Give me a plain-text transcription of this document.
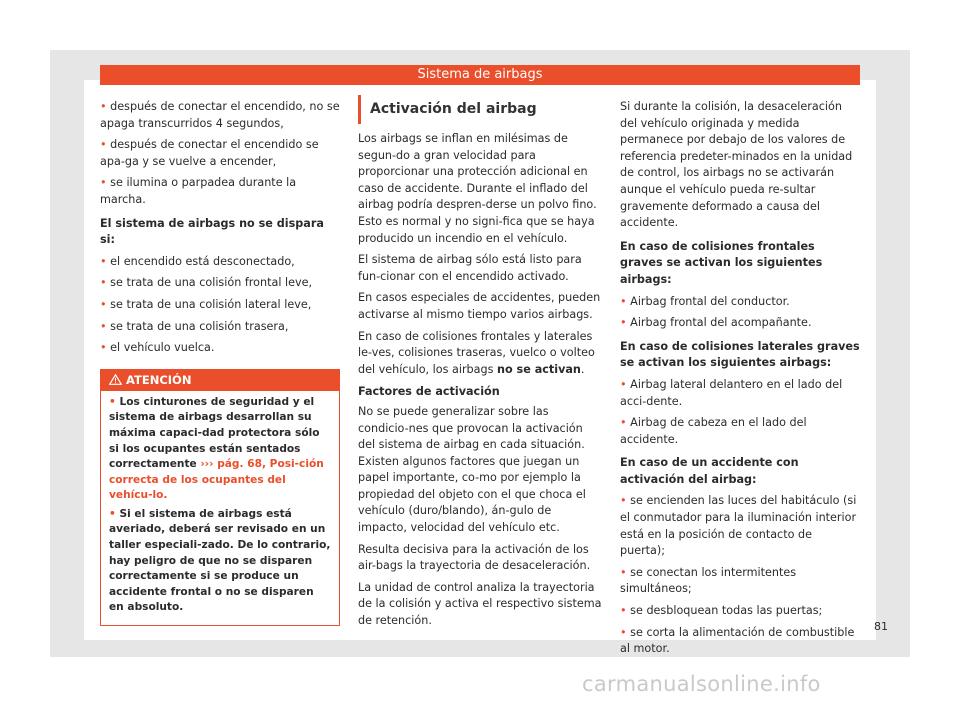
Sistema de airbags

• después de conectar el encendido, no se apaga transcurridos 4 segundos,

• después de conectar el encendido se apa-ga y se vuelve a encender,

• se ilumina o parpadea durante la marcha.

El sistema de airbags no se dispara si:

• el encendido está desconectado,

• se trata de una colisión frontal leve,

• se trata de una colisión lateral leve,

• se trata de una colisión trasera,

• el vehículo vuelca.

ATENCIÓN

• Los cinturones de seguridad y el sistema de airbags desarrollan su máxima capaci-dad protectora sólo si los ocupantes están sentados correctamente ››› pág. 68, Posi-ción correcta de los ocupantes del vehícu-lo.

• Si el sistema de airbags está averiado, deberá ser revisado en un taller especiali-zado. De lo contrario, hay peligro de que no se disparen correctamente si se produce un accidente frontal o no se disparen en absoluto.

Activación del airbag

Los airbags se inflan en milésimas de segun-do a gran velocidad para proporcionar una protección adicional en caso de accidente. Durante el inflado del airbag podría despren-derse un polvo fino. Esto es normal y no signi-fica que se haya producido un incendio en el vehículo.

El sistema de airbag sólo está listo para fun-cionar con el encendido activado.

En casos especiales de accidentes, pueden activarse al mismo tiempo varios airbags.

En caso de colisiones frontales y laterales le-ves, colisiones traseras, vuelco o volteo del vehículo, los airbags no se activan.

Factores de activación

No se puede generalizar sobre las condicio-nes que provocan la activación del sistema de airbag en cada situación. Existen algunos factores que juegan un papel importante, co-mo por ejemplo la propiedad del objeto con el que choca el vehículo (duro/blando), án-gulo de impacto, velocidad del vehículo etc.

Resulta decisiva para la activación de los air-bags la trayectoria de desaceleración.

La unidad de control analiza la trayectoria de la colisión y activa el respectivo sistema de retención.

Si durante la colisión, la desaceleración del vehículo originada y medida permanece por debajo de los valores de referencia predeter-minados en la unidad de control, los airbags no se activarán aunque el vehículo pueda re-sultar gravemente deformado a causa del accidente.

En caso de colisiones frontales graves se activan los siguientes airbags:

• Airbag frontal del conductor.

• Airbag frontal del acompañante.

En caso de colisiones laterales graves se activan los siguientes airbags:

• Airbag lateral delantero en el lado del acci-dente.

• Airbag de cabeza en el lado del accidente.

En caso de un accidente con activación del airbag:

• se encienden las luces del habitáculo (si el conmutador para la iluminación interior está en la posición de contacto de puerta);

• se conectan los intermitentes simultáneos;

• se desbloquean todas las puertas;

• se corta la alimentación de combustible al motor.

81
carmanualsonline.info
